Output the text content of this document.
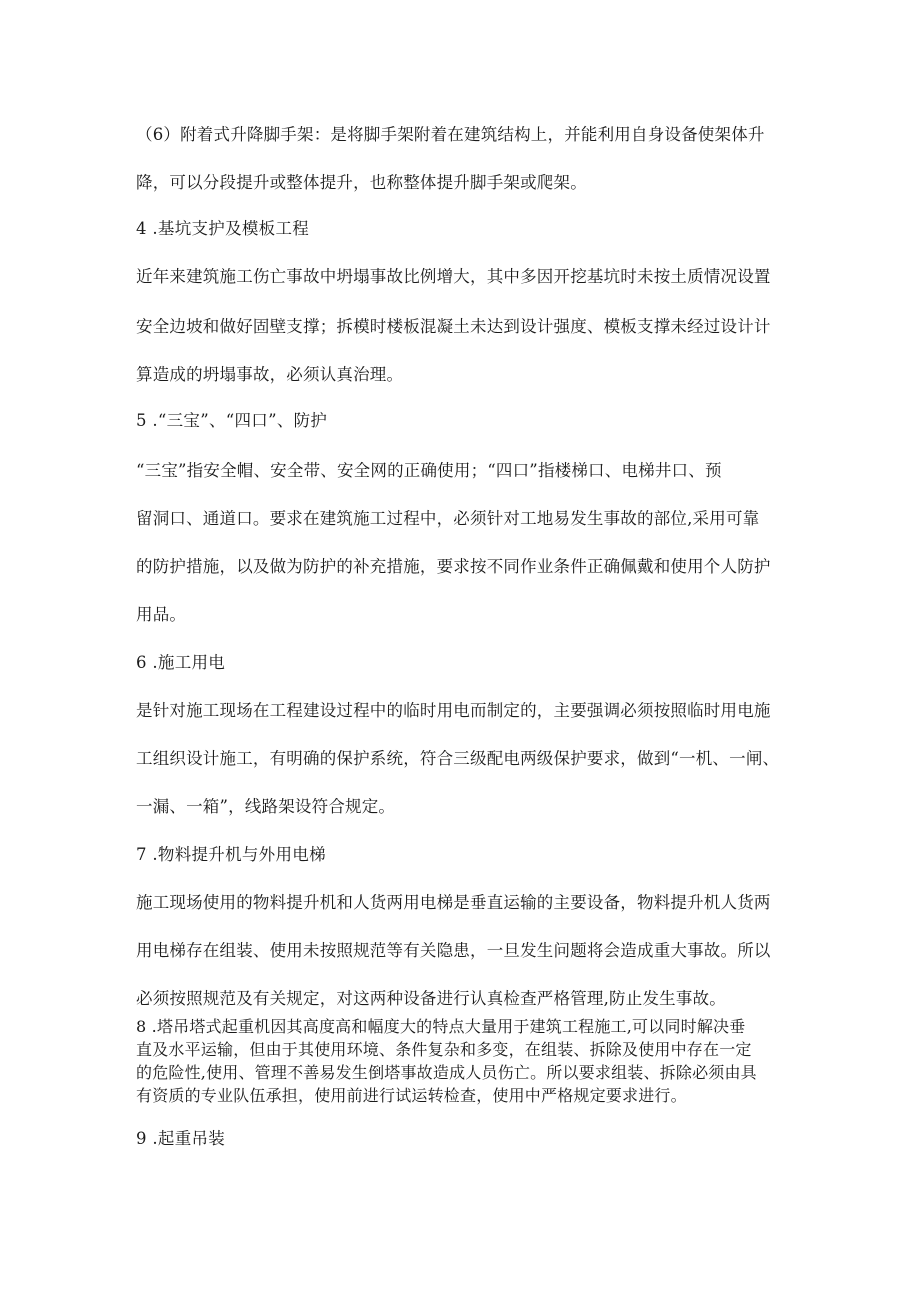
（6）附着式升降脚手架：是将脚手架附着在建筑结构上，并能利用自身设备使架体升

降，可以分段提升或整体提升，也称整体提升脚手架或爬架。

4 .基坑支护及模板工程

近年来建筑施工伤亡事故中坍塌事故比例增大，其中多因开挖基坑时未按土质情况设置

安全边坡和做好固壁支撑；拆模时楼板混凝土未达到设计强度、模板支撑未经过设计计

算造成的坍塌事故，必须认真治理。

5 .“三宝”、“四口”、防护

“三宝”指安全帽、安全带、安全网的正确使用；“四口”指楼梯口、电梯井口、预

留洞口、通道口。要求在建筑施工过程中，必须针对工地易发生事故的部位,采用可靠

的防护措施，以及做为防护的补充措施，要求按不同作业条件正确佩戴和使用个人防护

用品。

6 .施工用电

是针对施工现场在工程建设过程中的临时用电而制定的，主要强调必须按照临时用电施

工组织设计施工，有明确的保护系统，符合三级配电两级保护要求，做到“一机、一闸、

一漏、一箱”，线路架设符合规定。

7 .物料提升机与外用电梯

施工现场使用的物料提升机和人货两用电梯是垂直运输的主要设备，物料提升机人货两

用电梯存在组装、使用未按照规范等有关隐患，一旦发生问题将会造成重大事故。所以

必须按照规范及有关规定，对这两种设备进行认真检查严格管理,防止发生事故。

8 .塔吊塔式起重机因其高度高和幅度大的特点大量用于建筑工程施工,可以同时解决垂

直及水平运输，但由于其使用环境、条件复杂和多变，在组装、拆除及使用中存在一定

的危险性,使用、管理不善易发生倒塔事故造成人员伤亡。所以要求组装、拆除必须由具

有资质的专业队伍承担，使用前进行试运转检查，使用中严格规定要求进行。

9 .起重吊装
